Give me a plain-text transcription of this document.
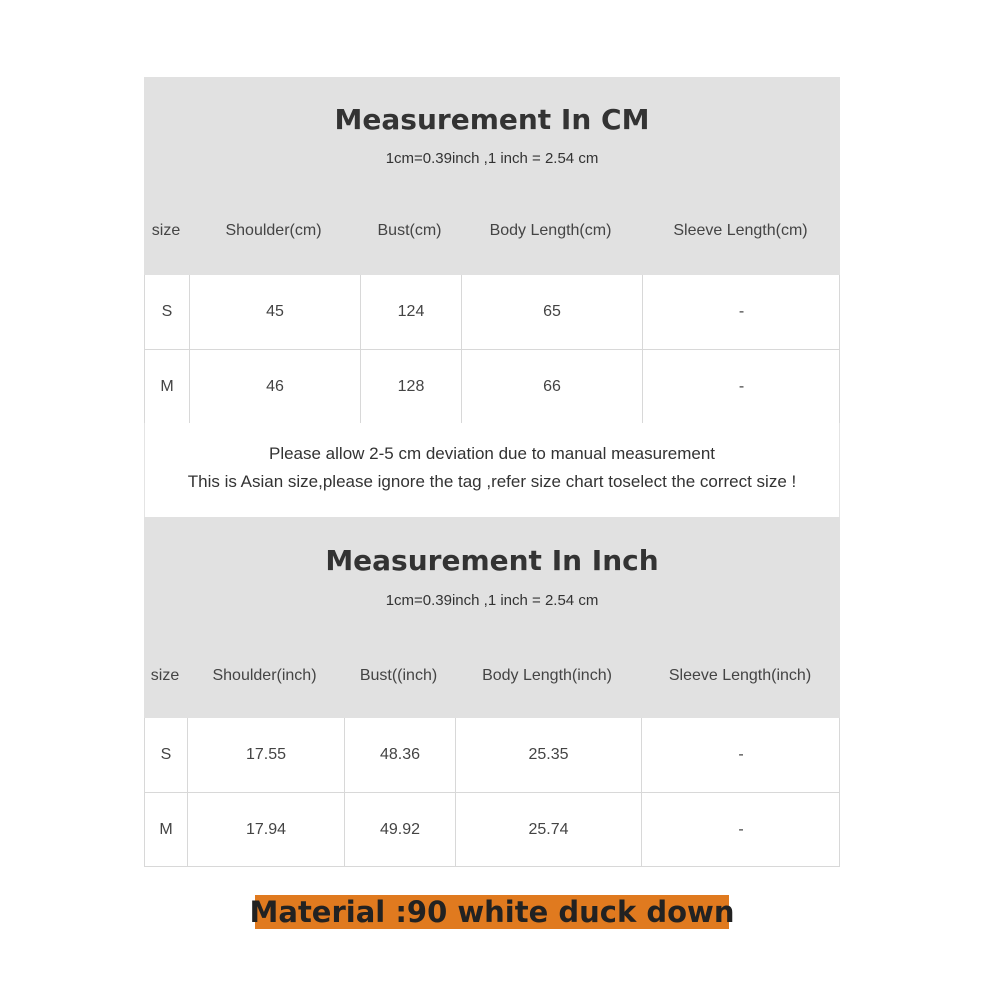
Measurement In CM
1cm=0.39inch ,1 inch = 2.54 cm
size	Shoulder(cm)	Bust(cm)	Body Length(cm)	Sleeve Length(cm)
S	45	124	65	-
M	46	128	66	-
Please allow 2-5 cm deviation due to manual measurement
This is Asian size,please ignore the tag ,refer size chart toselect the correct size !
Measurement In Inch
1cm=0.39inch ,1 inch = 2.54 cm
size	Shoulder(inch)	Bust((inch)	Body Length(inch)	Sleeve Length(inch)
S	17.55	48.36	25.35	-
M	17.94	49.92	25.74	-
Material :90 white duck down
